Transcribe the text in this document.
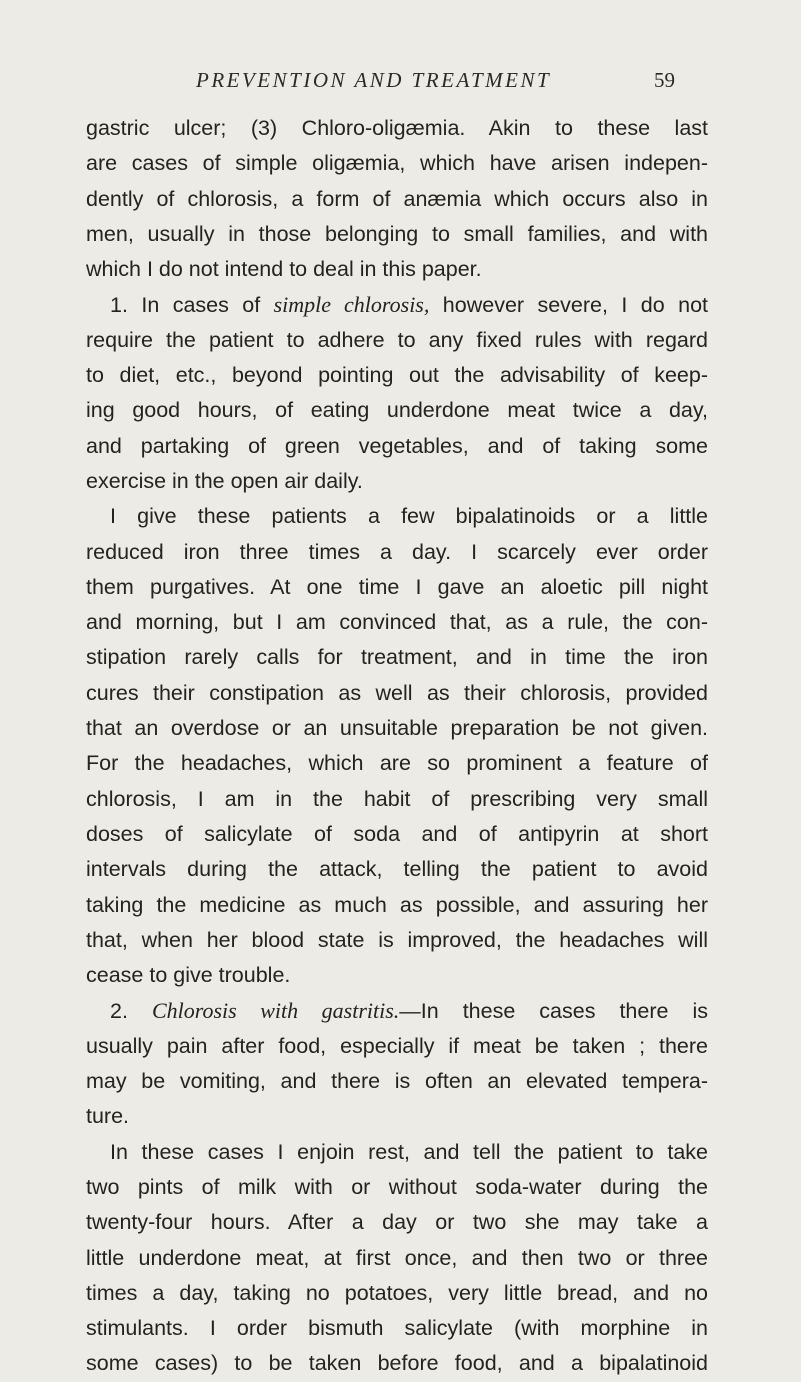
PREVENTION AND TREATMENT	59
gastric ulcer; (3) Chloro-oligæmia. Akin to these last
are cases of simple oligæmia, which have arisen indepen-
dently of chlorosis, a form of anæmia which occurs also in
men, usually in those belonging to small families, and with
which I do not intend to deal in this paper.
1. In cases of simple chlorosis, however severe, I do not
require the patient to adhere to any fixed rules with regard
to diet, etc., beyond pointing out the advisability of keep-
ing good hours, of eating underdone meat twice a day,
and partaking of green vegetables, and of taking some
exercise in the open air daily.
I give these patients a few bipalatinoids or a little
reduced iron three times a day. I scarcely ever order
them purgatives. At one time I gave an aloetic pill night
and morning, but I am convinced that, as a rule, the con-
stipation rarely calls for treatment, and in time the iron
cures their constipation as well as their chlorosis, provided
that an overdose or an unsuitable preparation be not given.
For the headaches, which are so prominent a feature of
chlorosis, I am in the habit of prescribing very small
doses of salicylate of soda and of antipyrin at short
intervals during the attack, telling the patient to avoid
taking the medicine as much as possible, and assuring her
that, when her blood state is improved, the headaches will
cease to give trouble.
2. Chlorosis with gastritis.—In these cases there is
usually pain after food, especially if meat be taken ; there
may be vomiting, and there is often an elevated tempera-
ture.
In these cases I enjoin rest, and tell the patient to take
two pints of milk with or without soda-water during the
twenty-four hours. After a day or two she may take a
little underdone meat, at first once, and then two or three
times a day, taking no potatoes, very little bread, and no
stimulants. I order bismuth salicylate (with morphine in
some cases) to be taken before food, and a bipalatinoid
